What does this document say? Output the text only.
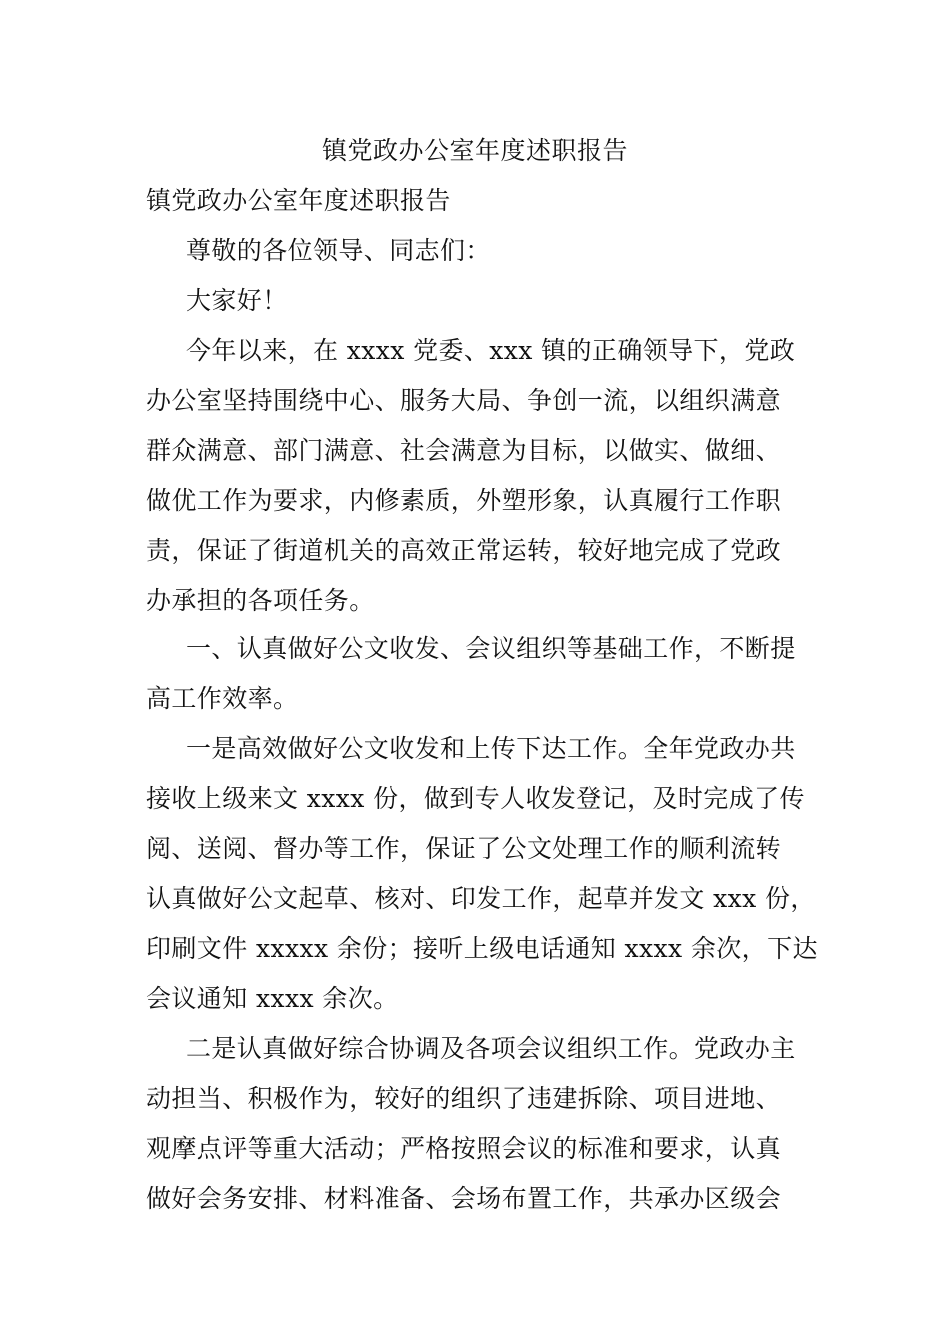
镇党政办公室年度述职报告
镇党政办公室年度述职报告
尊敬的各位领导、同志们：
大家好！
今年以来，在 xxxx 党委、xxx 镇的正确领导下，党政
办公室坚持围绕中心、服务大局、争创一流，以组织满意
群众满意、部门满意、社会满意为目标，以做实、做细、
做优工作为要求，内修素质，外塑形象，认真履行工作职
责，保证了街道机关的高效正常运转，较好地完成了党政
办承担的各项任务。
一、认真做好公文收发、会议组织等基础工作，不断提
高工作效率。
一是高效做好公文收发和上传下达工作。全年党政办共
接收上级来文 xxxx 份，做到专人收发登记，及时完成了传
阅、送阅、督办等工作，保证了公文处理工作的顺利流转
认真做好公文起草、核对、印发工作，起草并发文 xxx 份，
印刷文件 xxxxx 余份；接听上级电话通知 xxxx 余次，下达
会议通知 xxxx 余次。
二是认真做好综合协调及各项会议组织工作。党政办主
动担当、积极作为，较好的组织了违建拆除、项目进地、
观摩点评等重大活动；严格按照会议的标准和要求，认真
做好会务安排、材料准备、会场布置工作，共承办区级会
